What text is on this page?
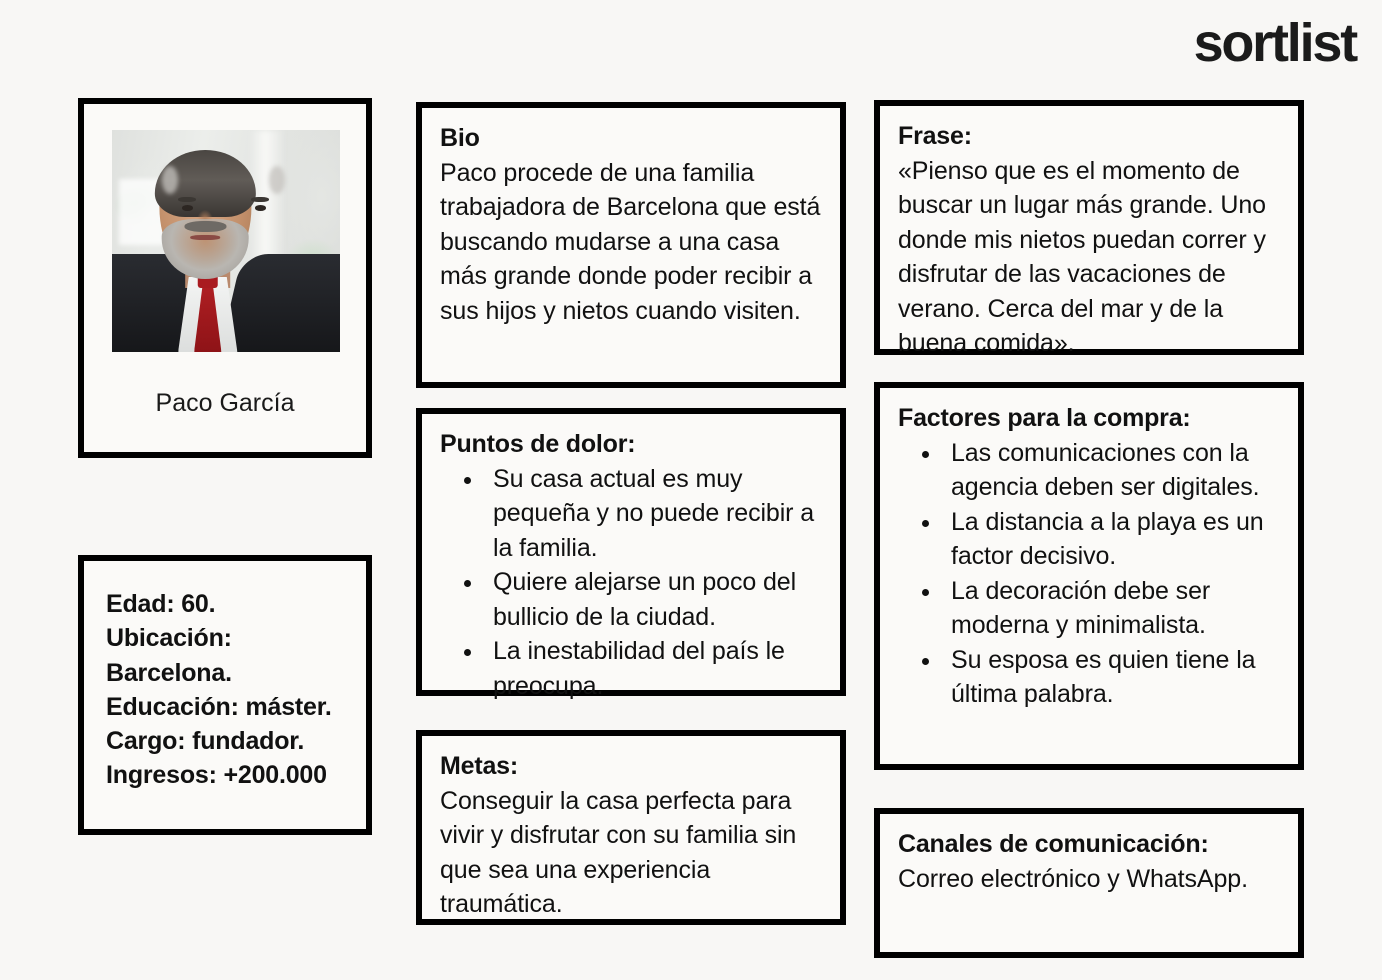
sortlist
Paco García
Edad: 60.
Ubicación:
Barcelona.
Educación: máster.
Cargo: fundador.
Ingresos: +200.000
Bio

Paco procede de una familia trabajadora de Barcelona que está buscando mudarse a una casa más grande donde poder recibir a sus hijos y nietos cuando visiten.

Puntos de dolor:
• Su casa actual es muy pequeña y no puede recibir a la familia.
• Quiere alejarse un poco del bullicio de la ciudad.
• La inestabilidad del país le preocupa.
Metas:

Conseguir la casa perfecta para vivir y disfrutar con su familia sin que sea una experiencia traumática.

Frase:

«Pienso que es el momento de buscar un lugar más grande. Uno donde mis nietos puedan correr y disfrutar de las vacaciones de verano. Cerca del mar y de la buena comida».

Factores para la compra:
• Las comunicaciones con la agencia deben ser digitales.
• La distancia a la playa es un factor decisivo.
• La decoración debe ser moderna y minimalista.
• Su esposa es quien tiene la última palabra.
Canales de comunicación:

Correo electrónico y WhatsApp.
